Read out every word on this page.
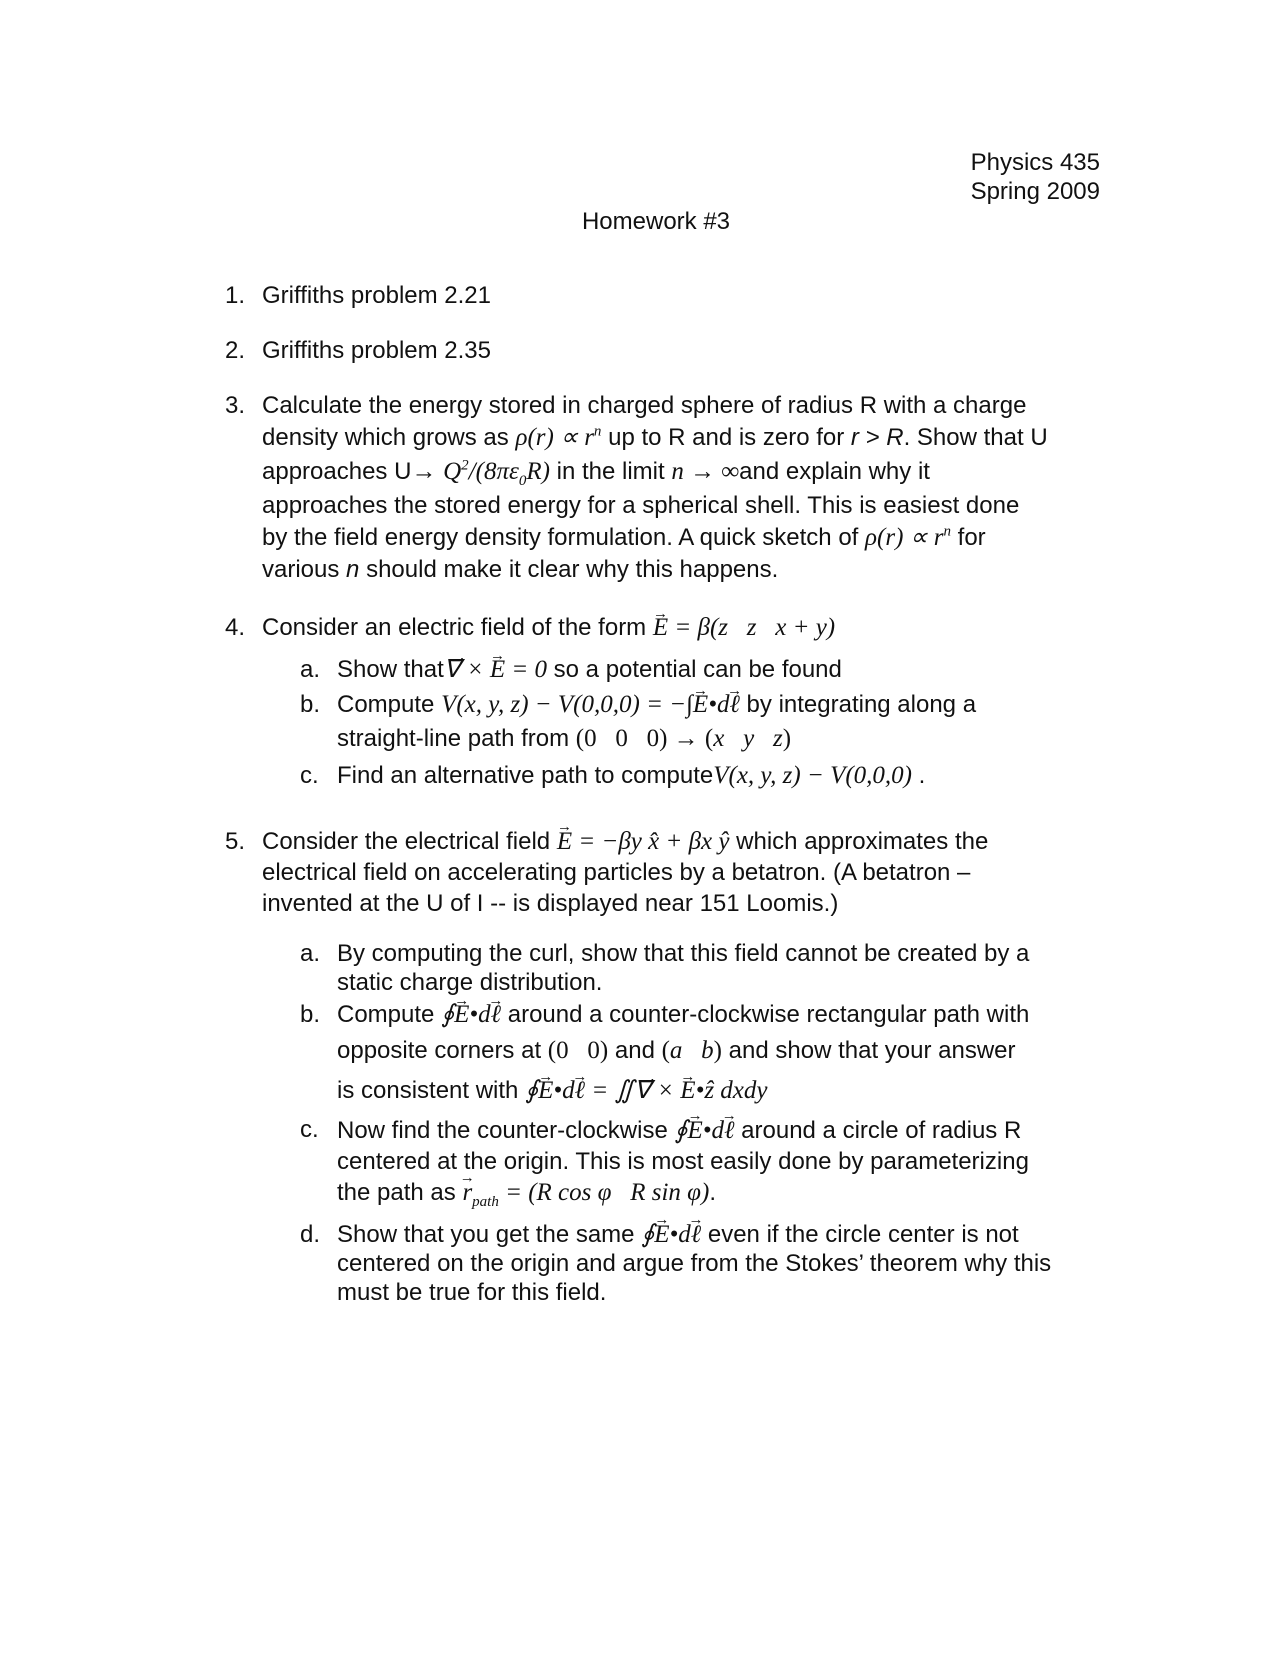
Physics 435
Spring 2009
Homework #3
1. Griffiths problem 2.21
2. Griffiths problem 2.35
3. Calculate the energy stored in charged sphere of radius R with a charge
density which grows as $\rho(r) \propto r^n$ up to R and is zero for r > R. Show that U
approaches $U\to Q^2/(8\pi\varepsilon_0R)$ in the limit n → ∞and explain why it
approaches the stored energy for a spherical shell. This is easiest done
by the field energy density formulation. A quick sketch of $\rho(r) \propto r^n$ for
various n should make it clear why this happens.
4. Consider an electric field of the form E → = β(z   z   x + y)
a. Show that∇⃗ × E → = 0 so a potential can be found
b. Compute V(x, y, z) − V(0,0,0) = −∫E →•dℓ → by integrating along a
straight-line path from (0   0   0) → (x y z)
c. Find an alternative path to computeV(x, y, z) − V(0,0,0) .
5. Consider the electrical field E → = −βy x̂ + βx ŷ which approximates the
electrical field on accelerating particles by a betatron. (A betatron –
invented at the U of I -- is displayed near 151 Loomis.)
a. By computing the curl, show that this field cannot be created by a
static charge distribution.
b. Compute ∮E →•dℓ → around a counter-clockwise rectangular path with
opposite corners at (0   0) and (a b) and show that your answer
is consistent with ∮E →•dℓ → = ∬∇⃗ × E →•ẑ dxdy
c. Now find the counter-clockwise ∮E →•dℓ → around a circle of radius R
centered at the origin. This is most easily done by parameterizing
the path as $r \to_{path} = (R$ cos φ   R sin φ).
d. Show that you get the same ∮E →•dℓ → even if the circle center is not
centered on the origin and argue from the Stokes’ theorem why this
must be true for this field.
